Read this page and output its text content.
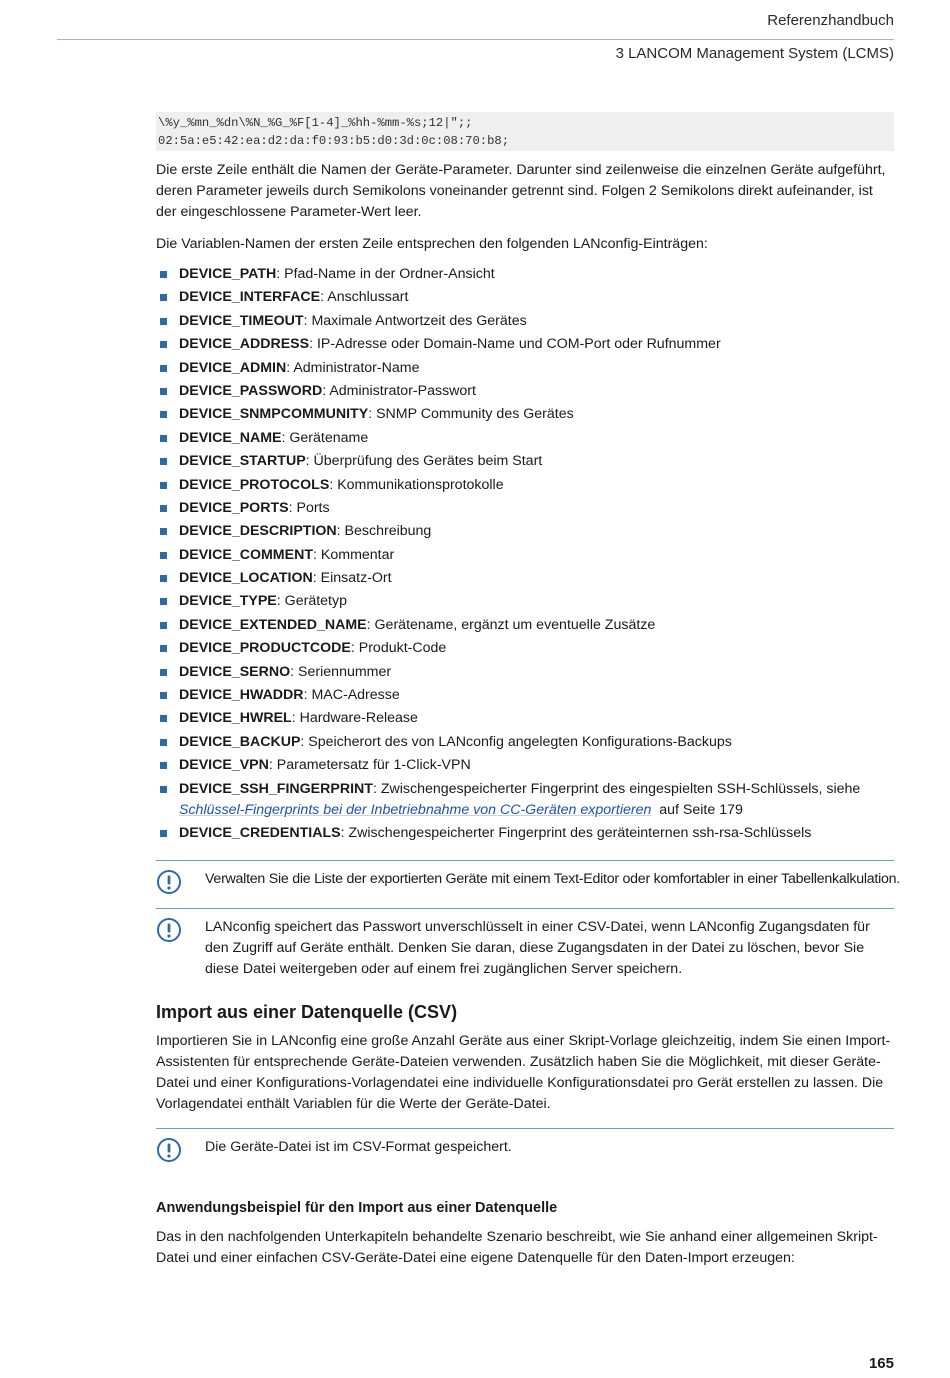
Referenzhandbuch
3 LANCOM Management System (LCMS)
\%y_%mn_%dn\%N_%G_%F[1-4]_%hh-%mm-%s;12|";;
02:5a:e5:42:ea:d2:da:f0:93:b5:d0:3d:0c:08:70:b8;

Die erste Zeile enthält die Namen der Geräte-Parameter. Darunter sind zeilenweise die einzelnen Geräte aufgeführt, deren Parameter jeweils durch Semikolons voneinander getrennt sind. Folgen 2 Semikolons direkt aufeinander, ist der eingeschlossene Parameter-Wert leer.

Die Variablen-Namen der ersten Zeile entsprechen den folgenden LANconfig-Einträgen:

DEVICE_PATH: Pfad-Name in der Ordner-Ansicht
DEVICE_INTERFACE: Anschlussart
DEVICE_TIMEOUT: Maximale Antwortzeit des Gerätes
DEVICE_ADDRESS: IP-Adresse oder Domain-Name und COM-Port oder Rufnummer
DEVICE_ADMIN: Administrator-Name
DEVICE_PASSWORD: Administrator-Passwort
DEVICE_SNMPCOMMUNITY: SNMP Community des Gerätes
DEVICE_NAME: Gerätename
DEVICE_STARTUP: Überprüfung des Gerätes beim Start
DEVICE_PROTOCOLS: Kommunikationsprotokolle
DEVICE_PORTS: Ports
DEVICE_DESCRIPTION: Beschreibung
DEVICE_COMMENT: Kommentar
DEVICE_LOCATION: Einsatz-Ort
DEVICE_TYPE: Gerätetyp
DEVICE_EXTENDED_NAME: Gerätename, ergänzt um eventuelle Zusätze
DEVICE_PRODUCTCODE: Produkt-Code
DEVICE_SERNO: Seriennummer
DEVICE_HWADDR: MAC-Adresse
DEVICE_HWREL: Hardware-Release
DEVICE_BACKUP: Speicherort des von LANconfig angelegten Konfigurations-Backups
DEVICE_VPN: Parametersatz für 1-Click-VPN
DEVICE_SSH_FINGERPRINT: Zwischengespeicherter Fingerprint des eingespielten SSH-Schlüssels, siehe
Schlüssel-Fingerprints bei der Inbetriebnahme von CC-Geräten exportieren auf Seite 179
DEVICE_CREDENTIALS: Zwischengespeicherter Fingerprint des geräteinternen ssh-rsa-Schlüssels

Verwalten Sie die Liste der exportierten Geräte mit einem Text-Editor oder komfortabler in einer Tabellenkalkulation.

LANconfig speichert das Passwort unverschlüsselt in einer CSV-Datei, wenn LANconfig Zugangsdaten für den Zugriff auf Geräte enthält. Denken Sie daran, diese Zugangsdaten in der Datei zu löschen, bevor Sie diese Datei weitergeben oder auf einem frei zugänglichen Server speichern.

Import aus einer Datenquelle (CSV)

Importieren Sie in LANconfig eine große Anzahl Geräte aus einer Skript-Vorlage gleichzeitig, indem Sie einen Import-Assistenten für entsprechende Geräte-Dateien verwenden. Zusätzlich haben Sie die Möglichkeit, mit dieser Geräte-Datei und einer Konfigurations-Vorlagendatei eine individuelle Konfigurationsdatei pro Gerät erstellen zu lassen. Die Vorlagendatei enthält Variablen für die Werte der Geräte-Datei.

Die Geräte-Datei ist im CSV-Format gespeichert.

Anwendungsbeispiel für den Import aus einer Datenquelle

Das in den nachfolgenden Unterkapiteln behandelte Szenario beschreibt, wie Sie anhand einer allgemeinen Skript-Datei und einer einfachen CSV-Geräte-Datei eine eigene Datenquelle für den Daten-Import erzeugen:

165
